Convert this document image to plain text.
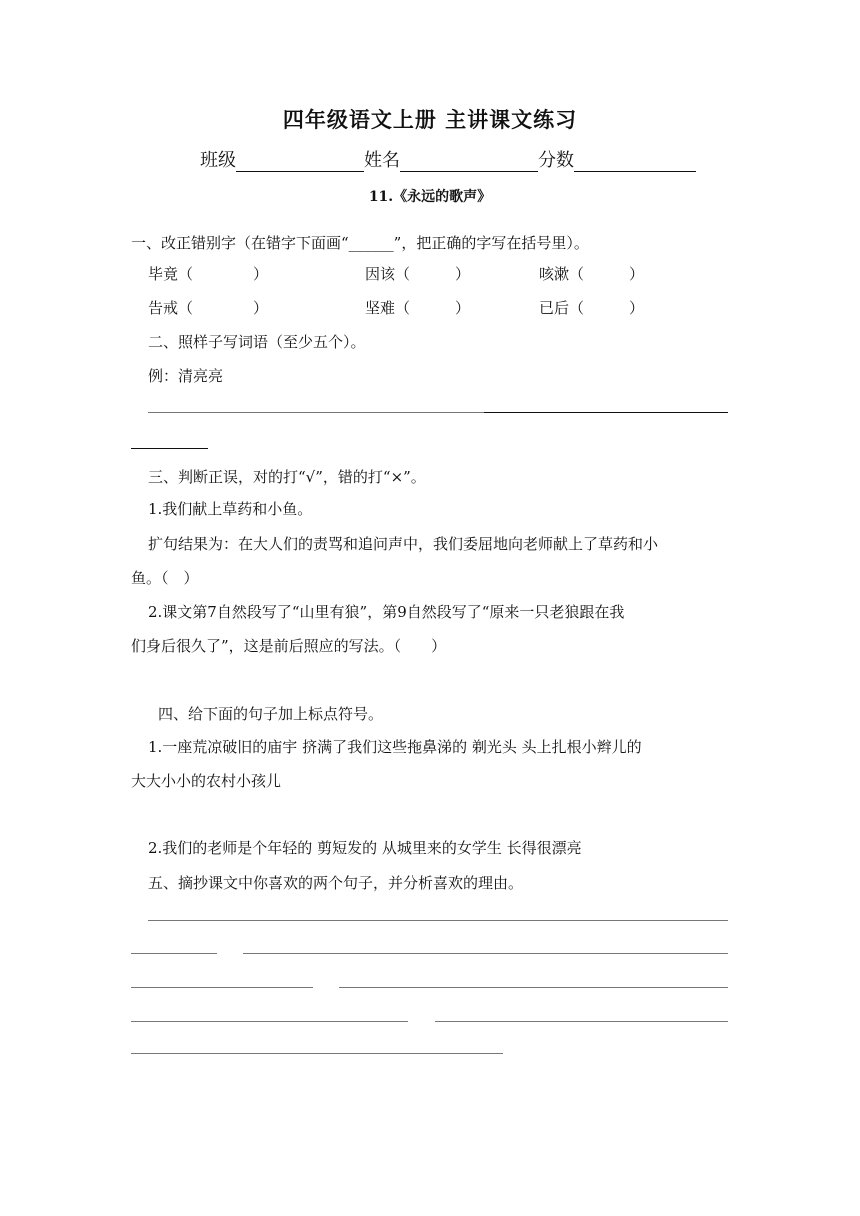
四年级语文上册 主讲课文练习
班级	姓名	分数
11.《永远的歌声》
一、改正错别字（在错字下面画“______”，把正确的字写在括号里）。
毕竟（　　　　）	因该（　　　）	咳漱（　　　）
告戒（　　　　）	坚难（　　　）	已后（　　　）
二、照样子写词语（至少五个）。
例：清亮亮
三、判断正误，对的打“√”，错的打“×”。
1.我们献上草药和小鱼。
扩句结果为：在大人们的责骂和追问声中，我们委屈地向老师献上了草药和小
鱼。（　）
2.课文第7自然段写了“山里有狼”，第9自然段写了“原来一只老狼跟在我
们身后很久了”，这是前后照应的写法。（　　）
四、给下面的句子加上标点符号。
1.一座荒凉破旧的庙宇 挤满了我们这些拖鼻涕的 剃光头 头上扎根小辫儿的
大大小小的农村小孩儿
2.我们的老师是个年轻的 剪短发的 从城里来的女学生 长得很漂亮
五、摘抄课文中你喜欢的两个句子，并分析喜欢的理由。
